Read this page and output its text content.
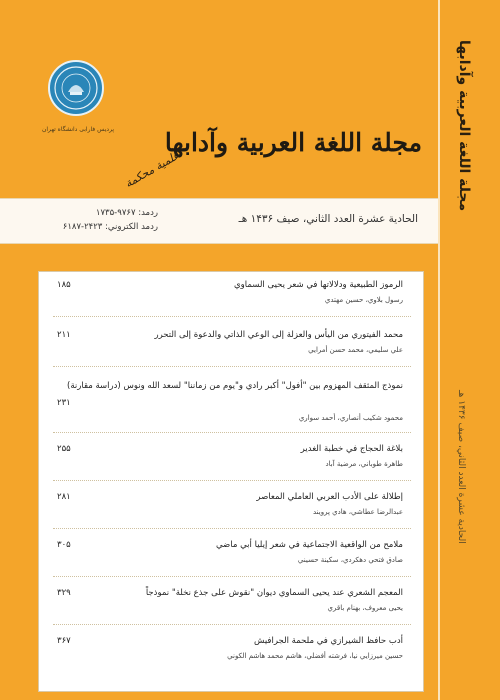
پردیس فارابی دانشگاه تهران	مجلة اللغة العربية وآدابها
علمية محكمة
الحادية عشرة العدد الثاني، صيف ۱۴۳۶ هـ
ردمد: ۹۷۶۷-۱۷۳۵
ردمد الكتروني: ۲۴۲۳-۶۱۸۷
الرموز الطبيعية ودلالاتها في شعر يحيى السماوي
۱۸۵
رسول بلاوي، حسين مهتدي
محمد الفيتوري من اليأس والعزلة إلى الوعي الذاتي والدعوة إلى التحرر
۲۱۱
علي سليمي، محمد حسن أمرايي
نموذج المثقف المهزوم بين "أفول" أكبر رادي و"يوم من زماننا" لسعد الله ونوس (دراسة مقارنة)
۲۳۱
محمود شكيب أنصاري، أحمد سواري
بلاغة الحجاج في خطبة الغدير
۲۵۵
طاهرة طوباني، مرضية آباد
إطلالة على الأدب العربي العاملي المعاصر
۲۸۱
عبدالرضا عطاشي، هادي پرويند
ملامح من الواقعية الاجتماعية في شعر إيليا أبي ماضي
۳۰۵
صادق فتحي دهكردي، سكينة حسيني
المعجم الشعري عند يحيى السماوي ديوان "نقوش على جذع نخلة" نموذجاً
۳۲۹
يحيى معروف، بهنام باقري
أدب حافظ الشيرازي في ملحمة الجرافيش
۳۶۷
حسين ميرزايي نيا، فرشته أفضلي، هاشم محمد هاشم الكوني
مجلة اللغة العربية وآدابها
الحادية عشرة العدد الثاني، صيف ۱۴۳۶ هـ
